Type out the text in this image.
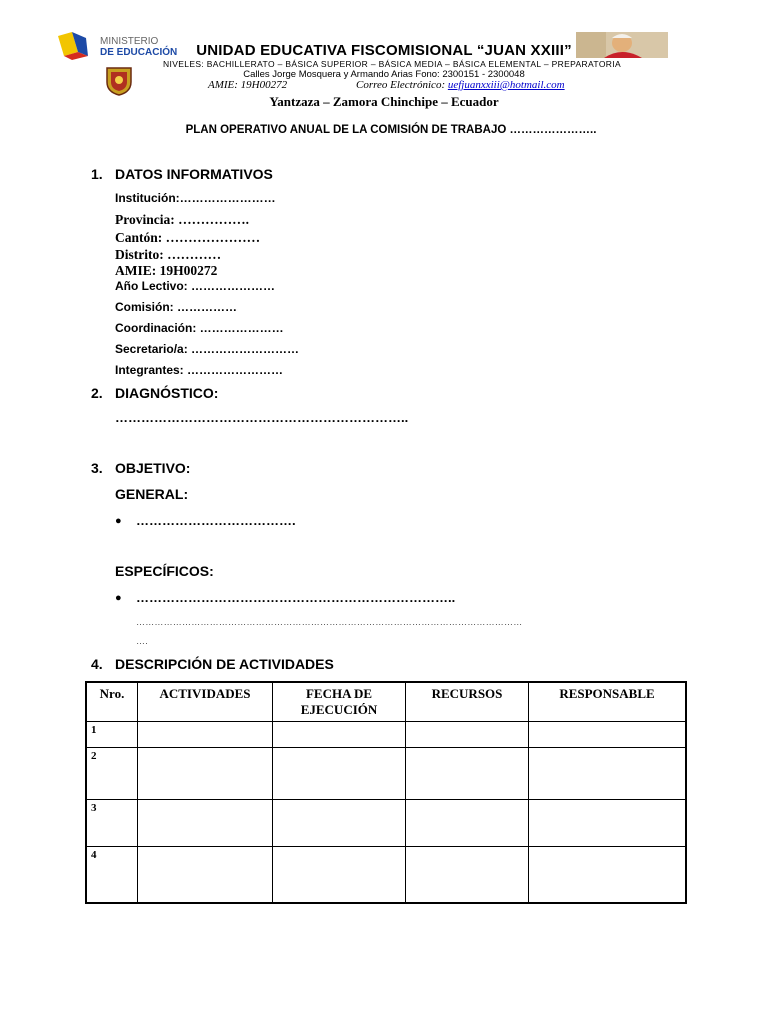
MINISTERIO
DE EDUCACIÓN	UNIDAD EDUCATIVA FISCOMISIONAL “JUAN XXIII”
NIVELES: BACHILLERATO – BÁSICA SUPERIOR – BÁSICA MEDIA – BÁSICA ELEMENTAL – PREPARATORIA
Calles Jorge Mosquera y Armando Arias Fono: 2300151 - 2300048
AMIE: 19H00272	Correo Electrónico: uefjuanxxiii@hotmail.com
Yantzaza – Zamora Chinchipe – Ecuador
PLAN OPERATIVO ANUAL DE LA COMISIÓN DE TRABAJO …………………..
1. DATOS INFORMATIVOS
Institución:……………………
Provincia: …………….
Cantón: …………………
Distrito: …………
AMIE: 19H00272
Año Lectivo: …………………
Comisión: ……………
Coordinación: …………………
Secretario/a: ………………………
Integrantes: ……………………
2. DIAGNÓSTICO:
…………………………………………………………..
3. OBJETIVO:
GENERAL:
● ……………………………….
ESPECÍFICOS:
● ………………………………………………………………..
………………………………………………………………………………………………………………
….
4. DESCRIPCIÓN DE ACTIVIDADES
Nro.	ACTIVIDADES	FECHA DE EJECUCIÓN	RECURSOS	RESPONSABLE
1				
2				
3				
4				
